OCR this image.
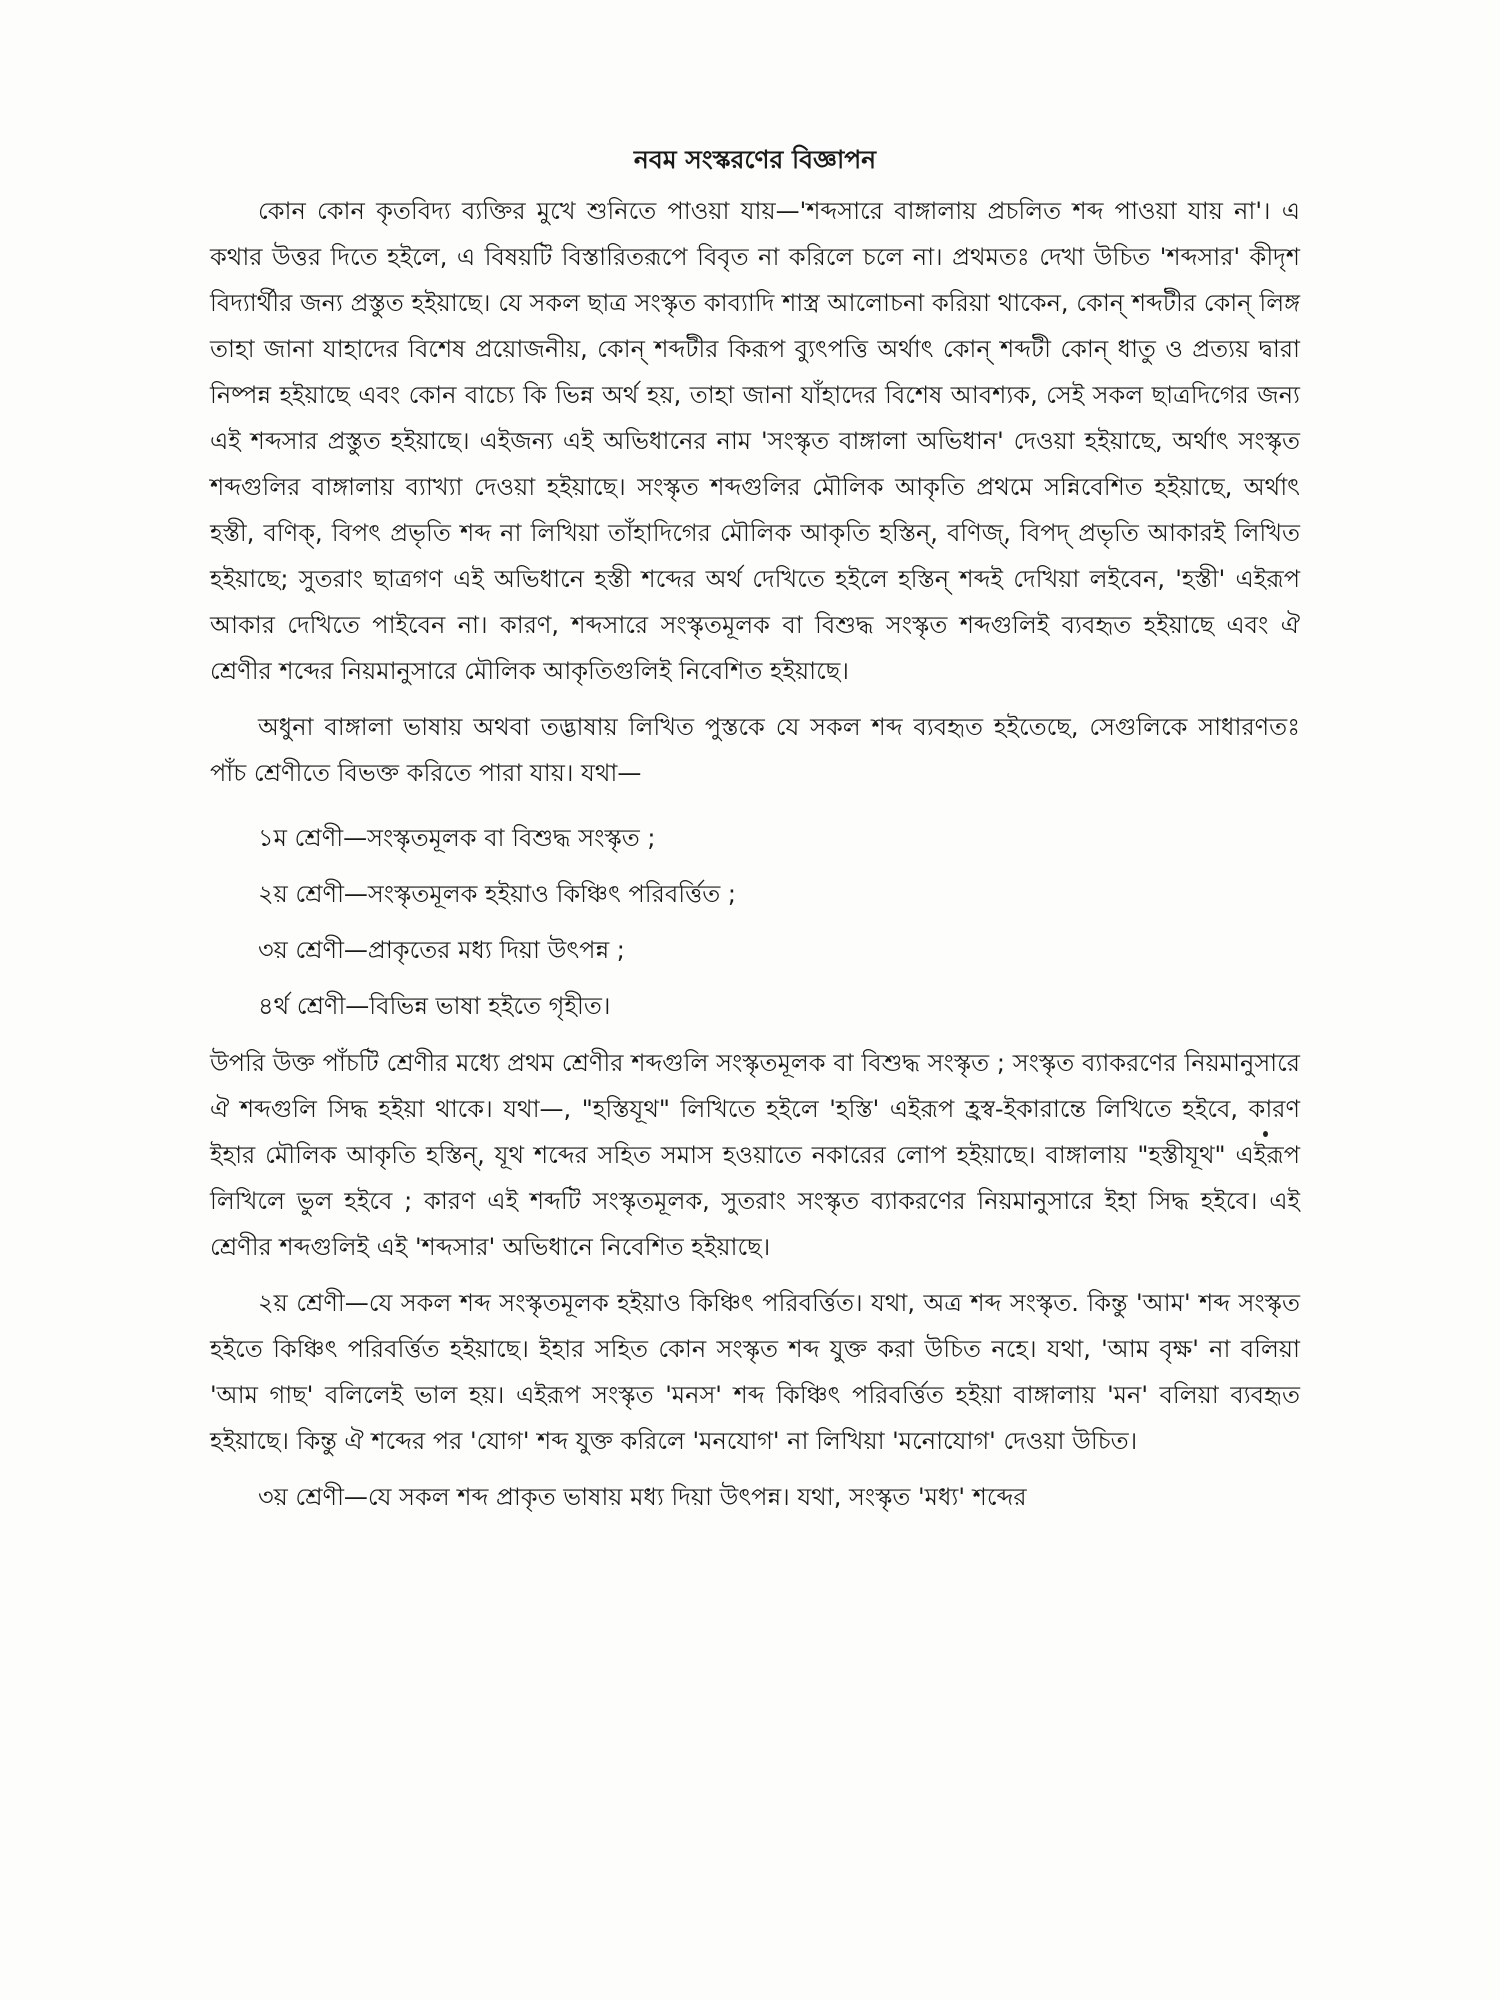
নবম সংস্করণের বিজ্ঞাপন

কোন কোন কৃতবিদ্য ব্যক্তির মুখে শুনিতে পাওয়া যায়—'শব্দসারে বাঙ্গালায় প্রচলিত শব্দ পাওয়া যায় না'। এ কথার উত্তর দিতে হইলে, এ বিষয়টি বিস্তারিতরূপে বিবৃত না করিলে চলে না। প্রথমতঃ দেখা উচিত 'শব্দসার' কীদৃশ বিদ্যার্থীর জন্য প্রস্তুত হইয়াছে। যে সকল ছাত্র সংস্কৃত কাব্যাদি শাস্ত্র আলোচনা করিয়া থাকেন, কোন্ শব্দটীর কোন্ লিঙ্গ তাহা জানা যাহাদের বিশেষ প্রয়োজনীয়, কোন্ শব্দটীর কিরূপ ব্যুৎপত্তি অর্থাৎ কোন্ শব্দটী কোন্ ধাতু ও প্রত্যয় দ্বারা নিষ্পন্ন হইয়াছে এবং কোন বাচ্যে কি ভিন্ন অর্থ হয়, তাহা জানা যাঁহাদের বিশেষ আবশ্যক, সেই সকল ছাত্রদিগের জন্য এই শব্দসার প্রস্তুত হইয়াছে। এইজন্য এই অভিধানের নাম 'সংস্কৃত বাঙ্গালা অভিধান' দেওয়া হইয়াছে, অর্থাৎ সংস্কৃত শব্দগুলির বাঙ্গালায় ব্যাখ্যা দেওয়া হইয়াছে। সংস্কৃত শব্দগুলির মৌলিক আকৃতি প্রথমে সন্নিবেশিত হইয়াছে, অর্থাৎ হস্তী, বণিক্, বিপৎ প্রভৃতি শব্দ না লিখিয়া তাঁহাদিগের মৌলিক আকৃতি হস্তিন্, বণিজ্, বিপদ্ প্রভৃতি আকারই লিখিত হইয়াছে; সুতরাং ছাত্রগণ এই অভিধানে হস্তী শব্দের অর্থ দেখিতে হইলে হস্তিন্ শব্দই দেখিয়া লইবেন, 'হস্তী' এইরূপ আকার দেখিতে পাইবেন না। কারণ, শব্দসারে সংস্কৃতমূলক বা বিশুদ্ধ সংস্কৃত শব্দগুলিই ব্যবহৃত হইয়াছে এবং ঐ শ্রেণীর শব্দের নিয়মানুসারে মৌলিক আকৃতিগুলিই নিবেশিত হইয়াছে।

অধুনা বাঙ্গালা ভাষায় অথবা তদ্ভাষায় লিখিত পুস্তকে যে সকল শব্দ ব্যবহৃত হইতেছে, সেগুলিকে সাধারণতঃ পাঁচ শ্রেণীতে বিভক্ত করিতে পারা যায়। যথা—

১ম শ্রেণী—সংস্কৃতমূলক বা বিশুদ্ধ সংস্কৃত ;
২য় শ্রেণী—সংস্কৃতমূলক হইয়াও কিঞ্চিৎ পরিবর্ত্তিত ;
৩য় শ্রেণী—প্রাকৃতের মধ্য দিয়া উৎপন্ন ;
৪র্থ শ্রেণী—বিভিন্ন ভাষা হইতে গৃহীত।

উপরি উক্ত পাঁচটি শ্রেণীর মধ্যে প্রথম শ্রেণীর শব্দগুলি সংস্কৃতমূলক বা বিশুদ্ধ সংস্কৃত ; সংস্কৃত ব্যাকরণের নিয়মানুসারে ঐ শব্দগুলি সিদ্ধ হইয়া থাকে। যথা—, "হস্তিযূথ" লিখিতে হইলে 'হস্তি' এইরূপ হ্রস্ব-ইকারান্তে লিখিতে হইবে, কারণ ইহার মৌলিক আকৃতি হস্তিন্, যূথ শব্দের সহিত সমাস হওয়াতে নকারের লোপ হইয়াছে। বাঙ্গালায় "হস্তীযূথ" এইরূপ লিখিলে ভুল হইবে ; কারণ এই শব্দটি সংস্কৃতমূলক, সুতরাং সংস্কৃত ব্যাকরণের নিয়মানুসারে ইহা সিদ্ধ হইবে। এই শ্রেণীর শব্দগুলিই এই 'শব্দসার' অভিধানে নিবেশিত হইয়াছে।

২য় শ্রেণী—যে সকল শব্দ সংস্কৃতমূলক হইয়াও কিঞ্চিৎ পরিবর্ত্তিত। যথা, অত্র শব্দ সংস্কৃত. কিন্তু 'আম' শব্দ সংস্কৃত হইতে কিঞ্চিৎ পরিবর্ত্তিত হইয়াছে। ইহার সহিত কোন সংস্কৃত শব্দ যুক্ত করা উচিত নহে। যথা, 'আম বৃক্ষ' না বলিয়া 'আম গাছ' বলিলেই ভাল হয়। এইরূপ সংস্কৃত 'মনস' শব্দ কিঞ্চিৎ পরিবর্ত্তিত হইয়া বাঙ্গালায় 'মন' বলিয়া ব্যবহৃত হইয়াছে। কিন্তু ঐ শব্দের পর 'যোগ' শব্দ যুক্ত করিলে 'মনযোগ' না লিখিয়া 'মনোযোগ' দেওয়া উচিত।

৩য় শ্রেণী—যে সকল শব্দ প্রাকৃত ভাষায় মধ্য দিয়া উৎপন্ন। যথা, সংস্কৃত 'মধ্য' শব্দের
